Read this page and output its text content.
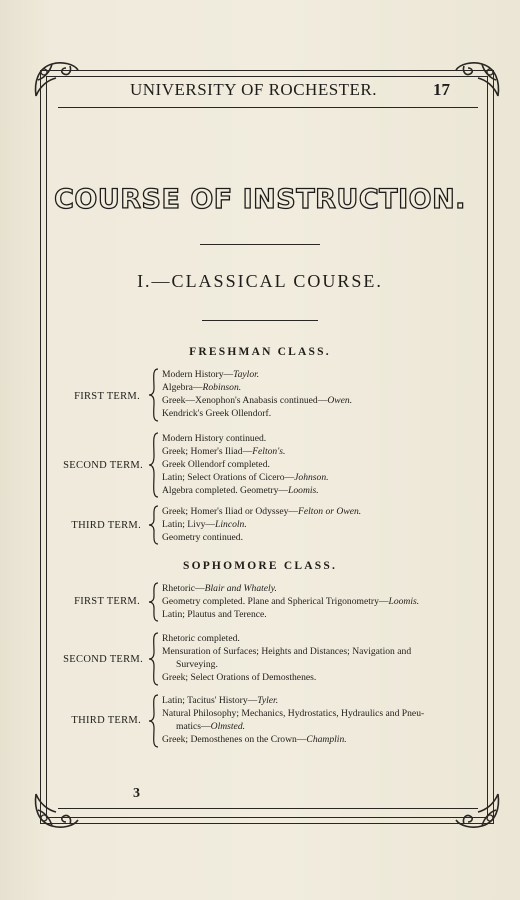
UNIVERSITY OF ROCHESTER.	17
COURSE OF INSTRUCTION.
I.—CLASSICAL COURSE.
FRESHMAN CLASS.
FIRST TERM.
Modern History—Taylor.
Algebra—Robinson.
Greek—Xenophon's Anabasis continued—Owen.
Kendrick's Greek Ollendorf.
SECOND TERM.
Modern History continued.
Greek; Homer's Iliad—Felton's.
Greek Ollendorf completed.
Latin; Select Orations of Cicero—Johnson.
Algebra completed. Geometry—Loomis.
THIRD TERM.
Greek; Homer's Iliad or Odyssey—Felton or Owen.
Latin; Livy—Lincoln.
Geometry continued.
SOPHOMORE CLASS.
FIRST TERM.
Rhetoric—Blair and Whately.
Geometry completed. Plane and Spherical Trigonometry—Loomis.
Latin; Plautus and Terence.
SECOND TERM.
Rhetoric completed.
Mensuration of Surfaces; Heights and Distances; Navigation and
Surveying.
Greek; Select Orations of Demosthenes.
THIRD TERM.
Latin; Tacitus' History—Tyler.
Natural Philosophy; Mechanics, Hydrostatics, Hydraulics and Pneu-
matics—Olmsted.
Greek; Demosthenes on the Crown—Champlin.
3
